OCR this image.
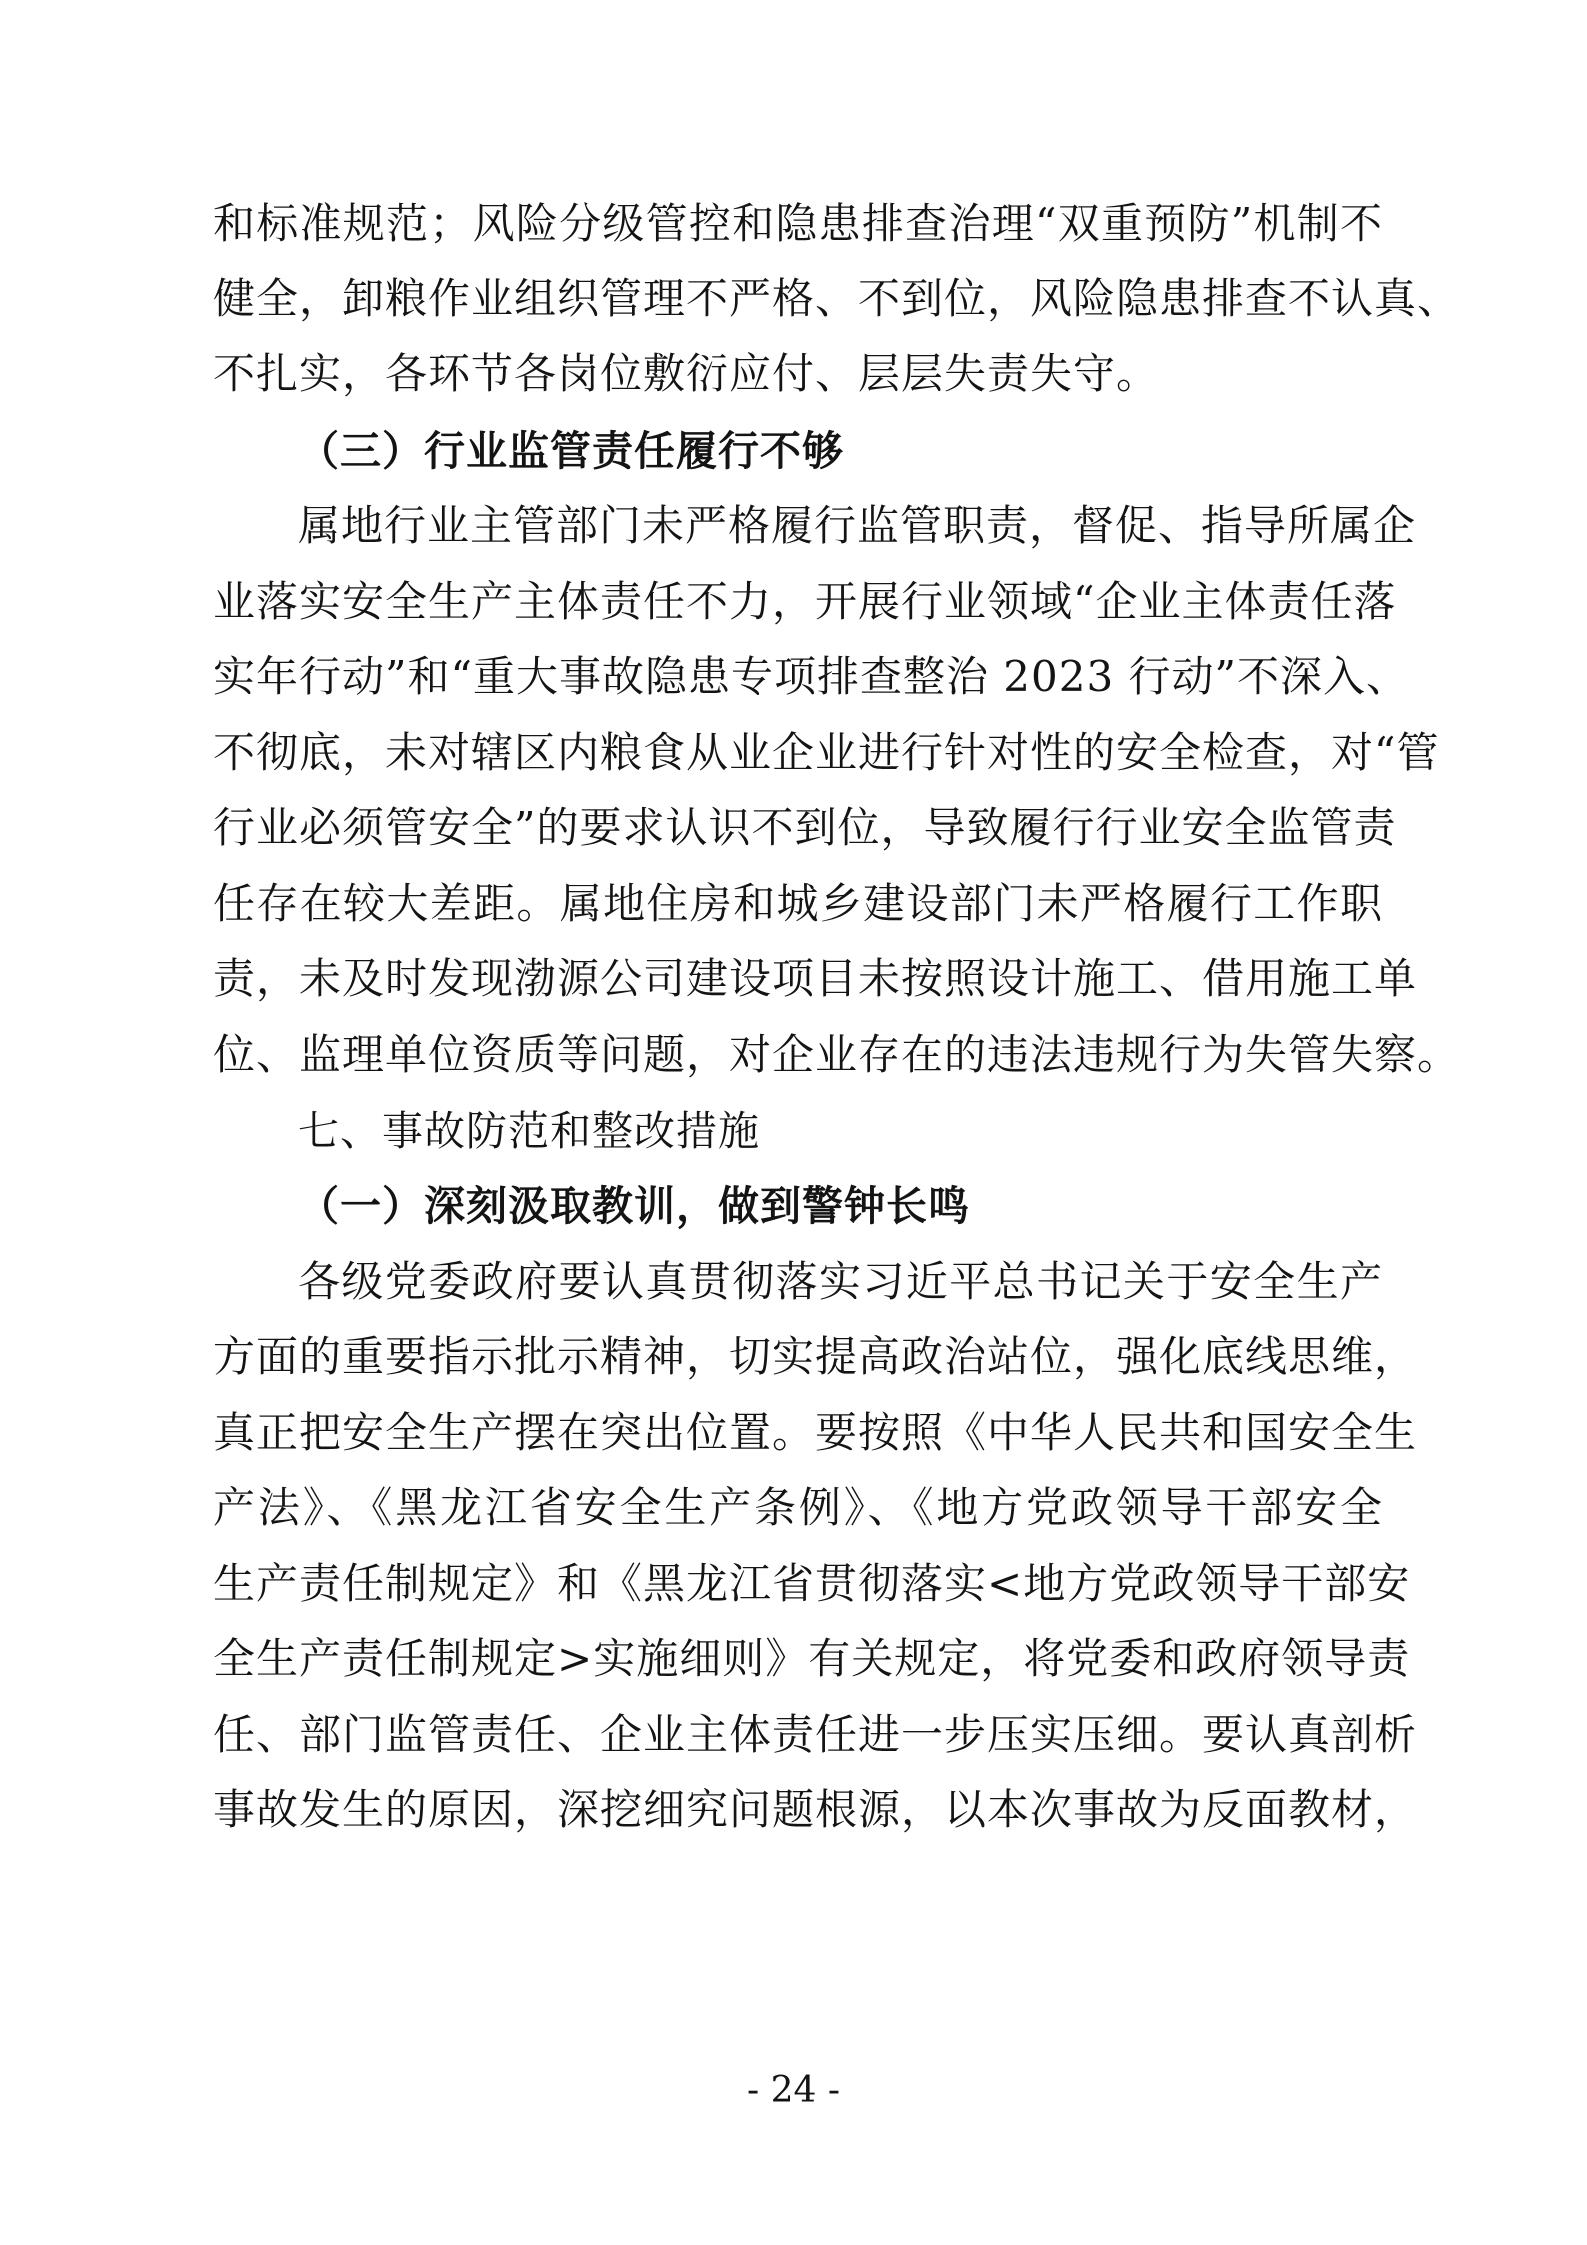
和标准规范；风险分级管控和隐患排查治理“双重预防”机制不
健全，卸粮作业组织管理不严格、不到位，风险隐患排查不认真、
不扎实，各环节各岗位敷衍应付、层层失责失守。
（三）行业监管责任履行不够
属地行业主管部门未严格履行监管职责，督促、指导所属企
业落实安全生产主体责任不力，开展行业领域“企业主体责任落
实年行动”和“重大事故隐患专项排查整治 2023 行动”不深入、
不彻底，未对辖区内粮食从业企业进行针对性的安全检查，对“管
行业必须管安全”的要求认识不到位，导致履行行业安全监管责
任存在较大差距。属地住房和城乡建设部门未严格履行工作职
责，未及时发现渤源公司建设项目未按照设计施工、借用施工单
位、监理单位资质等问题，对企业存在的违法违规行为失管失察。
七、事故防范和整改措施
（一）深刻汲取教训，做到警钟长鸣
各级党委政府要认真贯彻落实习近平总书记关于安全生产
方面的重要指示批示精神，切实提高政治站位，强化底线思维，
真正把安全生产摆在突出位置。要按照《中华人民共和国安全生
产法》、《黑龙江省安全生产条例》、《地方党政领导干部安全
生产责任制规定》和《黑龙江省贯彻落实<地方党政领导干部安
全生产责任制规定>实施细则》有关规定，将党委和政府领导责
任、部门监管责任、企业主体责任进一步压实压细。要认真剖析
事故发生的原因，深挖细究问题根源，以本次事故为反面教材，
- 24 -
